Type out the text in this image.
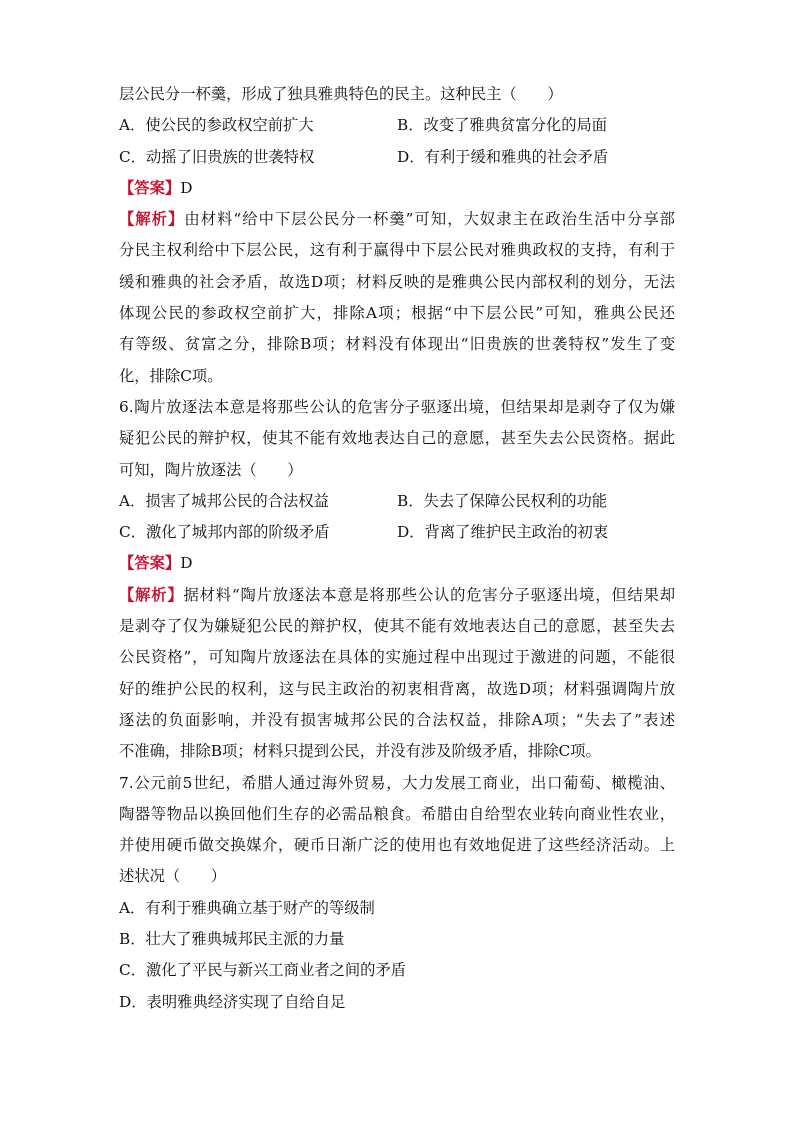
层公民分一杯羹，形成了独具雅典特色的民主。这种民主（　　）
A．使公民的参政权空前扩大	B．改变了雅典贫富分化的局面
C．动摇了旧贵族的世袭特权	D．有利于缓和雅典的社会矛盾
【答案】D
【解析】由材料“给中下层公民分一杯羹”可知，大奴隶主在政治生活中分享部
分民主权利给中下层公民，这有利于赢得中下层公民对雅典政权的支持，有利于
缓和雅典的社会矛盾，故选D项；材料反映的是雅典公民内部权利的划分，无法
体现公民的参政权空前扩大，排除A项；根据“中下层公民”可知，雅典公民还
有等级、贫富之分，排除B项；材料没有体现出“旧贵族的世袭特权”发生了变
化，排除C项。
6.陶片放逐法本意是将那些公认的危害分子驱逐出境，但结果却是剥夺了仅为嫌
疑犯公民的辩护权，使其不能有效地表达自己的意愿，甚至失去公民资格。据此
可知，陶片放逐法（　　）
A．损害了城邦公民的合法权益	B．失去了保障公民权利的功能
C．激化了城邦内部的阶级矛盾	D．背离了维护民主政治的初衷
【答案】D
【解析】据材料“陶片放逐法本意是将那些公认的危害分子驱逐出境，但结果却
是剥夺了仅为嫌疑犯公民的辩护权，使其不能有效地表达自己的意愿，甚至失去
公民资格”，可知陶片放逐法在具体的实施过程中出现过于激进的问题，不能很
好的维护公民的权利，这与民主政治的初衷相背离，故选D项；材料强调陶片放
逐法的负面影响，并没有损害城邦公民的合法权益，排除A项；“失去了”表述
不准确，排除B项；材料只提到公民，并没有涉及阶级矛盾，排除C项。
7.公元前5世纪，希腊人通过海外贸易，大力发展工商业，出口葡萄、橄榄油、
陶器等物品以换回他们生存的必需品粮食。希腊由自给型农业转向商业性农业，
并使用硬币做交换媒介，硬币日渐广泛的使用也有效地促进了这些经济活动。上
述状况（　　）
A．有利于雅典确立基于财产的等级制
B．壮大了雅典城邦民主派的力量
C．激化了平民与新兴工商业者之间的矛盾
D．表明雅典经济实现了自给自足
